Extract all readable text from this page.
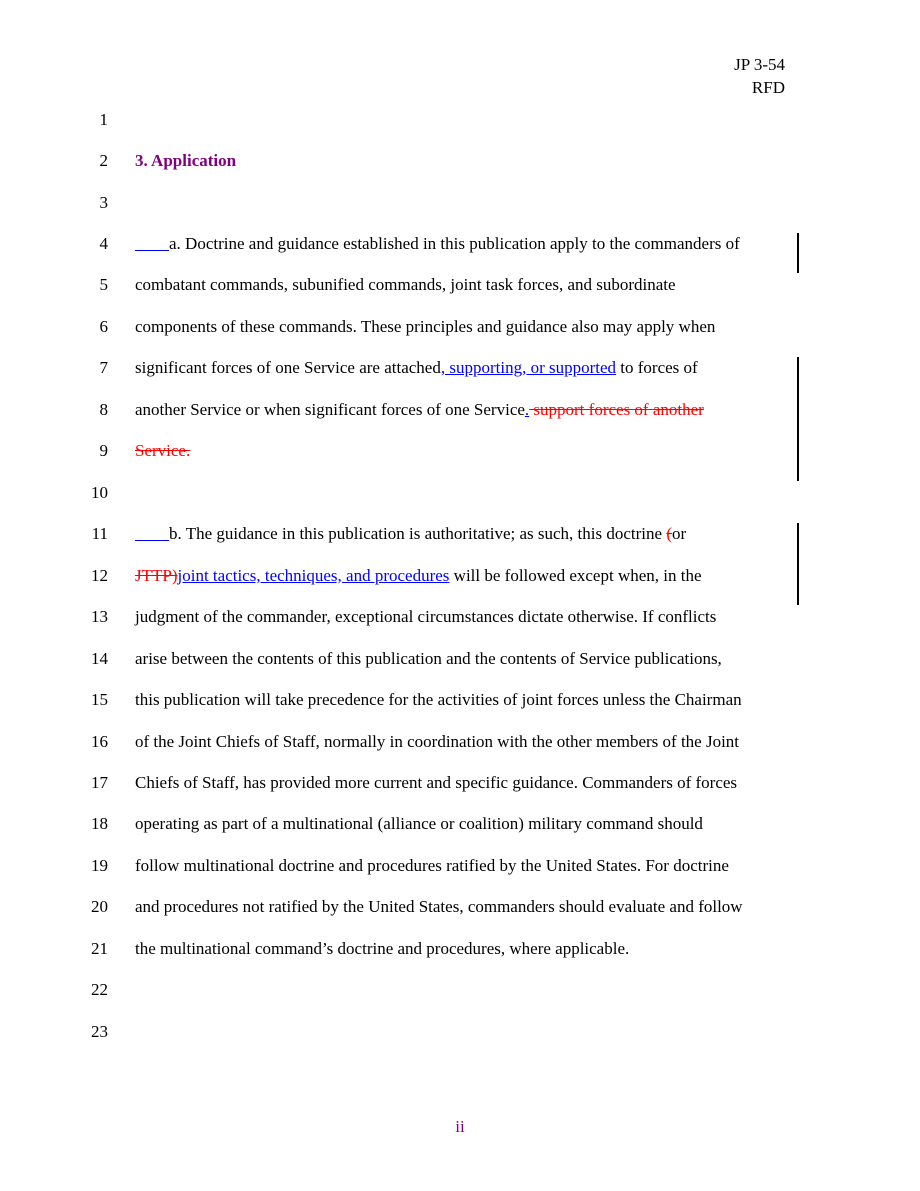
JP 3-54
RFD
1
2
3
4
5
6
7
8
9
10
11
12
13
14
15
16
17
18
19
20
21
22
23
3. Application
____a. Doctrine and guidance established in this publication apply to the commanders of
combatant commands, subunified commands, joint task forces, and subordinate
components of these commands. These principles and guidance also may apply when
significant forces of one Service are attached, supporting, or supported to forces of
another Service or when significant forces of one Service. support forces of another
Service.
____b. The guidance in this publication is authoritative; as such, this doctrine (or
JTTP)joint tactics, techniques, and procedures will be followed except when, in the
judgment of the commander, exceptional circumstances dictate otherwise. If conflicts
arise between the contents of this publication and the contents of Service publications,
this publication will take precedence for the activities of joint forces unless the Chairman
of the Joint Chiefs of Staff, normally in coordination with the other members of the Joint
Chiefs of Staff, has provided more current and specific guidance. Commanders of forces
operating as part of a multinational (alliance or coalition) military command should
follow multinational doctrine and procedures ratified by the United States. For doctrine
and procedures not ratified by the United States, commanders should evaluate and follow
the multinational command’s doctrine and procedures, where applicable.
ii
